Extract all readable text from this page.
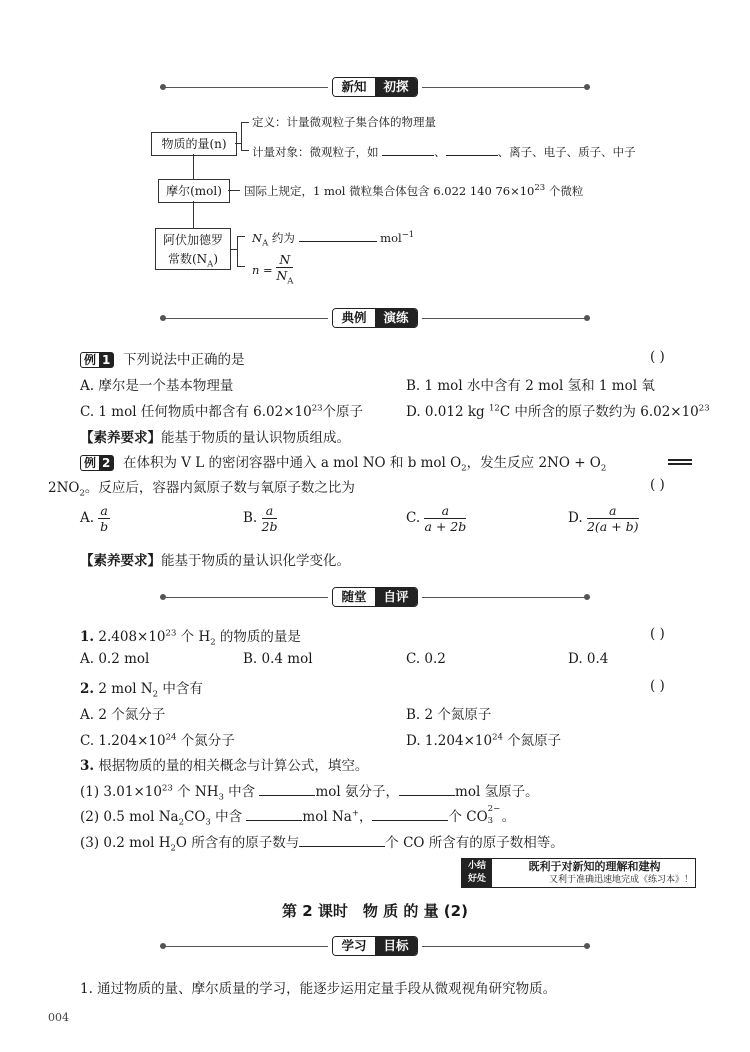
新知	初探
物质的量(n)
定义：计量微观粒子集合体的物理量
计量对象：微观粒子，如	、	、离子、电子、质子、中子
摩尔(mol)	国际上规定，1 mol 微粒集合体包含 6.022 140 $76\times 10^{23}$ 个微粒
阿伏加德罗
常数$(N_A)$
$N_A$ 约为	mol$^{-1}$
$n = \frac{N}{N_A}$
典例	演练
例 1 下列说法中正确的是	( )
A. 摩尔是一个基本物理量	B. 1 mol 水中含有 2 mol 氢和 1 mol 氧
C. 1 mol 任何物质中都含有 $6.02\times 10^{23}$个原子	D. 0.012 kg $^{12}$C 中所含的原子数约为 $6.02\times 10^{23}$
【素养要求】能基于物质的量认识物质组成。
例 2 在体积为 V L 的密闭容器中通入 a mol NO 和 b mol $O_2$，发生反应 $2NO + O_2$
$2NO_2$。反应后，容器内氮原子数与氧原子数之比为	( )
A. $\frac{a}{b}$	B. $\frac{a}{2b}$	C. $\frac{a}{a + 2b}$	D. $\frac{a}{2(a + b)}$
【素养要求】能基于物质的量认识化学变化。
随堂	自评
1. $2.408\times 10^{23}$ 个 $H_2$ 的物质的量是	( )
A. 0.2 mol	B. 0.4 mol	C. 0.2	D. 0.4
2. 2 mol $N_2$ 中含有	( )
A. 2 个氮分子	B. 2 个氮原子
C. $1.204\times 10^{24}$ 个氮分子	D. $1.204\times 10^{24}$ 个氮原子
3. 根据物质的量的相关概念与计算公式，填空。
(1) $3.01\times 10^{23}$ 个 $NH_3$ 中含	mol 氨分子，	mol 氢原子。
(2) 0.5 mol $Na_2CO_3$ 中含	mol Na+，	个 CO 2−
3 。
(3) 0.2 mol $H_2O$ 所含有的原子数与	个 CO 所含有的原子数相等。
小结
好处
既利于对新知的理解和建构
又利于准确迅速地完成《练习本》！
第 2 课时　物 质 的 量 (2)
学习	目标
1. 通过物质的量、摩尔质量的学习，能逐步运用定量手段从微观视角研究物质。
004
